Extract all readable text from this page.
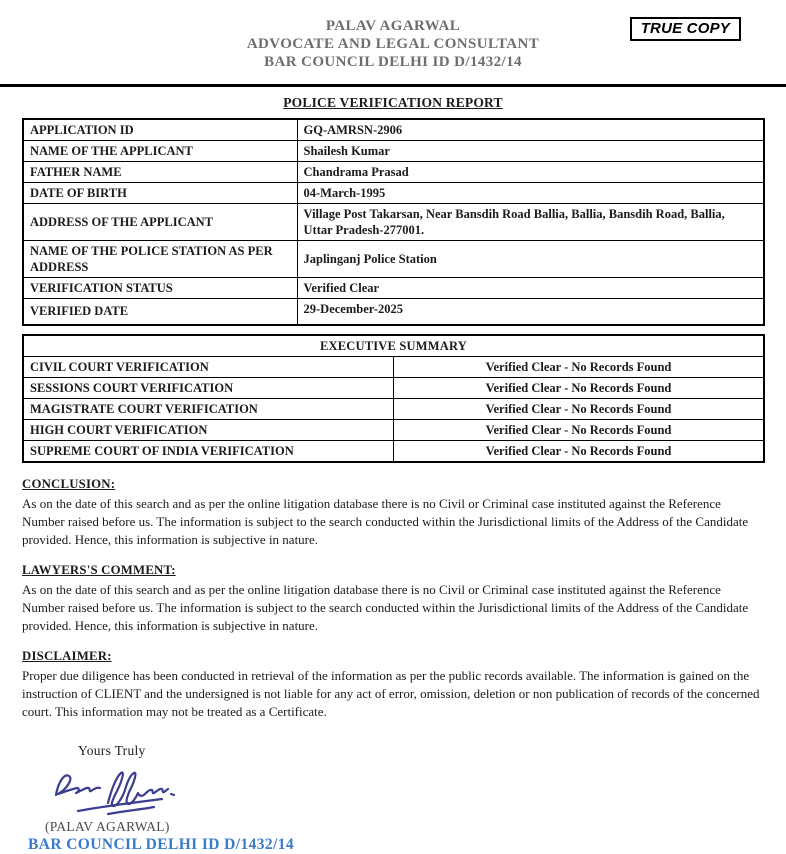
PALAV AGARWAL
ADVOCATE AND LEGAL CONSULTANT
BAR COUNCIL DELHI ID D/1432/14
TRUE COPY
POLICE VERIFICATION REPORT
APPLICATION ID	GQ-AMRSN-2906
NAME OF THE APPLICANT	Shailesh Kumar
FATHER NAME	Chandrama Prasad
DATE OF BIRTH	04-March-1995
ADDRESS OF THE APPLICANT	Village Post Takarsan, Near Bansdih Road Ballia, Ballia, Bansdih Road, Ballia, Uttar Pradesh-277001.
NAME OF THE POLICE STATION AS PER ADDRESS	Japlinganj Police Station
VERIFICATION STATUS	Verified Clear
VERIFIED DATE	29-December-2025
EXECUTIVE SUMMARY	
CIVIL COURT VERIFICATION	Verified Clear - No Records Found
SESSIONS COURT VERIFICATION	Verified Clear - No Records Found
MAGISTRATE COURT VERIFICATION	Verified Clear - No Records Found
HIGH COURT VERIFICATION	Verified Clear - No Records Found
SUPREME COURT OF INDIA VERIFICATION	Verified Clear - No Records Found
CONCLUSION:
As on the date of this search and as per the online litigation database there is no Civil or Criminal case instituted against the Reference Number raised before us. The information is subject to the search conducted within the Jurisdictional limits of the Address of the Candidate provided. Hence, this information is subjective in nature.
LAWYERS'S COMMENT:
As on the date of this search and as per the online litigation database there is no Civil or Criminal case instituted against the Reference Number raised before us. The information is subject to the search conducted within the Jurisdictional limits of the Address of the Candidate provided. Hence, this information is subjective in nature.
DISCLAIMER:
Proper due diligence has been conducted in retrieval of the information as per the public records available. The information is gained on the instruction of CLIENT and the undersigned is not liable for any act of error, omission, deletion or non publication of records of the concerned court. This information may not be treated as a Certificate.
Yours Truly
(PALAV AGARWAL)
BAR COUNCIL DELHI ID D/1432/14
